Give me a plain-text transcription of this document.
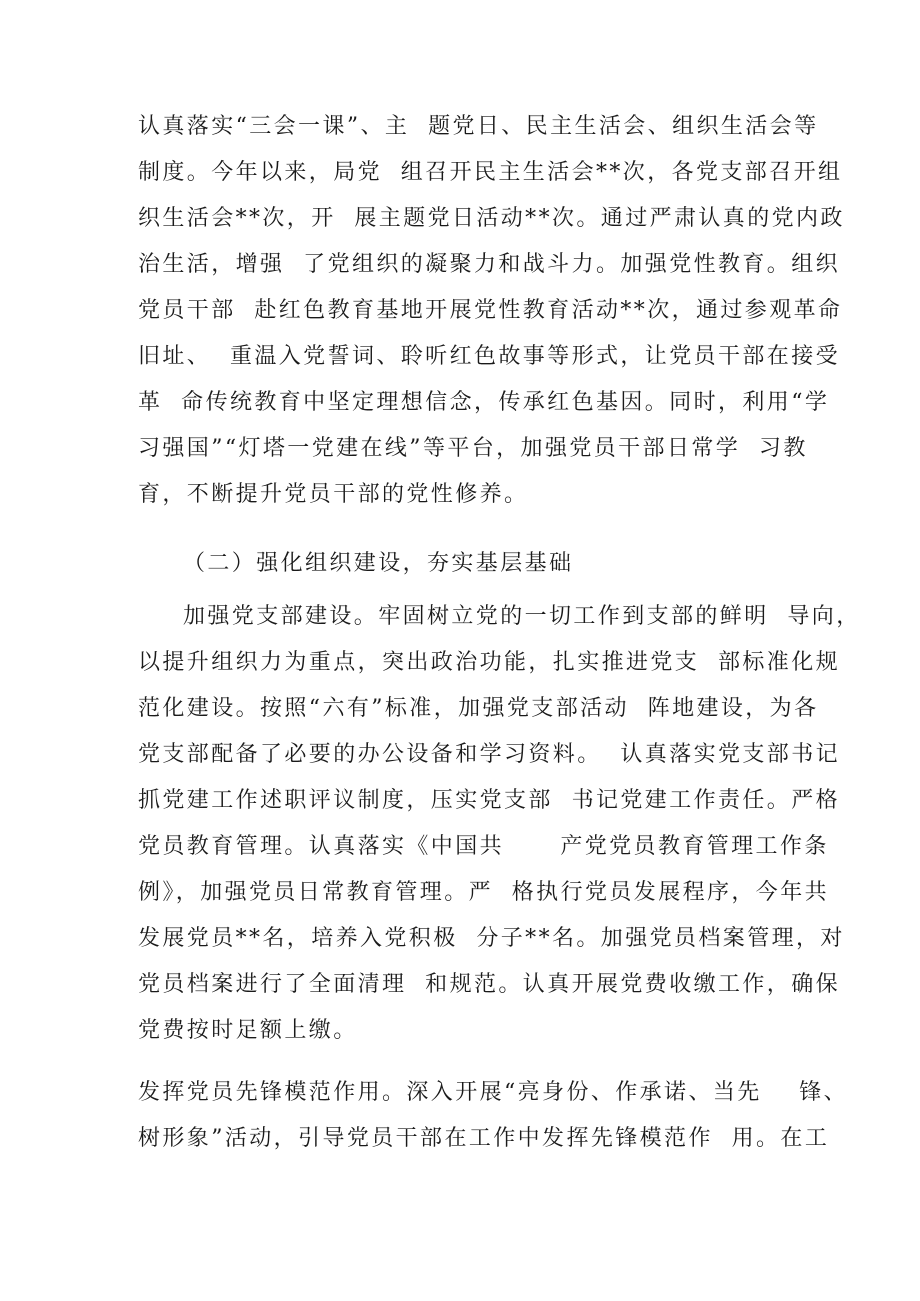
认真落实“三会一课”、主  题党日、民主生活会、组织生活会等

制度。今年以来，局党  组召开民主生活会**次，各党支部召开组

织生活会**次，开  展主题党日活动**次。通过严肃认真的党内政

治生活，增强  了党组织的凝聚力和战斗力。加强党性教育。组织

党员干部  赴红色教育基地开展党性教育活动**次，通过参观革命

旧址、  重温入党誓词、聆听红色故事等形式，让党员干部在接受

革  命传统教育中坚定理想信念，传承红色基因。同时，利用“学

习强国”“灯塔一党建在线”等平台，加强党员干部日常学  习教

育，不断提升党员干部的党性修养。

（二）强化组织建设，夯实基层基础

加强党支部建设。牢固树立党的一切工作到支部的鲜明  导向，

以提升组织力为重点，突出政治功能，扎实推进党支  部标准化规

范化建设。按照“六有”标准，加强党支部活动  阵地建设，为各

党支部配备了必要的办公设备和学习资料。  认真落实党支部书记

抓党建工作述职评议制度，压实党支部  书记党建工作责任。严格

党员教育管理。认真落实《中国共      产党党员教育管理工作条

例》，加强党员日常教育管理。严  格执行党员发展程序，今年共

发展党员**名，培养入党积极  分子**名。加强党员档案管理，对

党员档案进行了全面清理  和规范。认真开展党费收缴工作，确保

党费按时足额上缴。

发挥党员先锋模范作用。深入开展“亮身份、作承诺、当先    锋、

树形象”活动，引导党员干部在工作中发挥先锋模范作  用。在工
